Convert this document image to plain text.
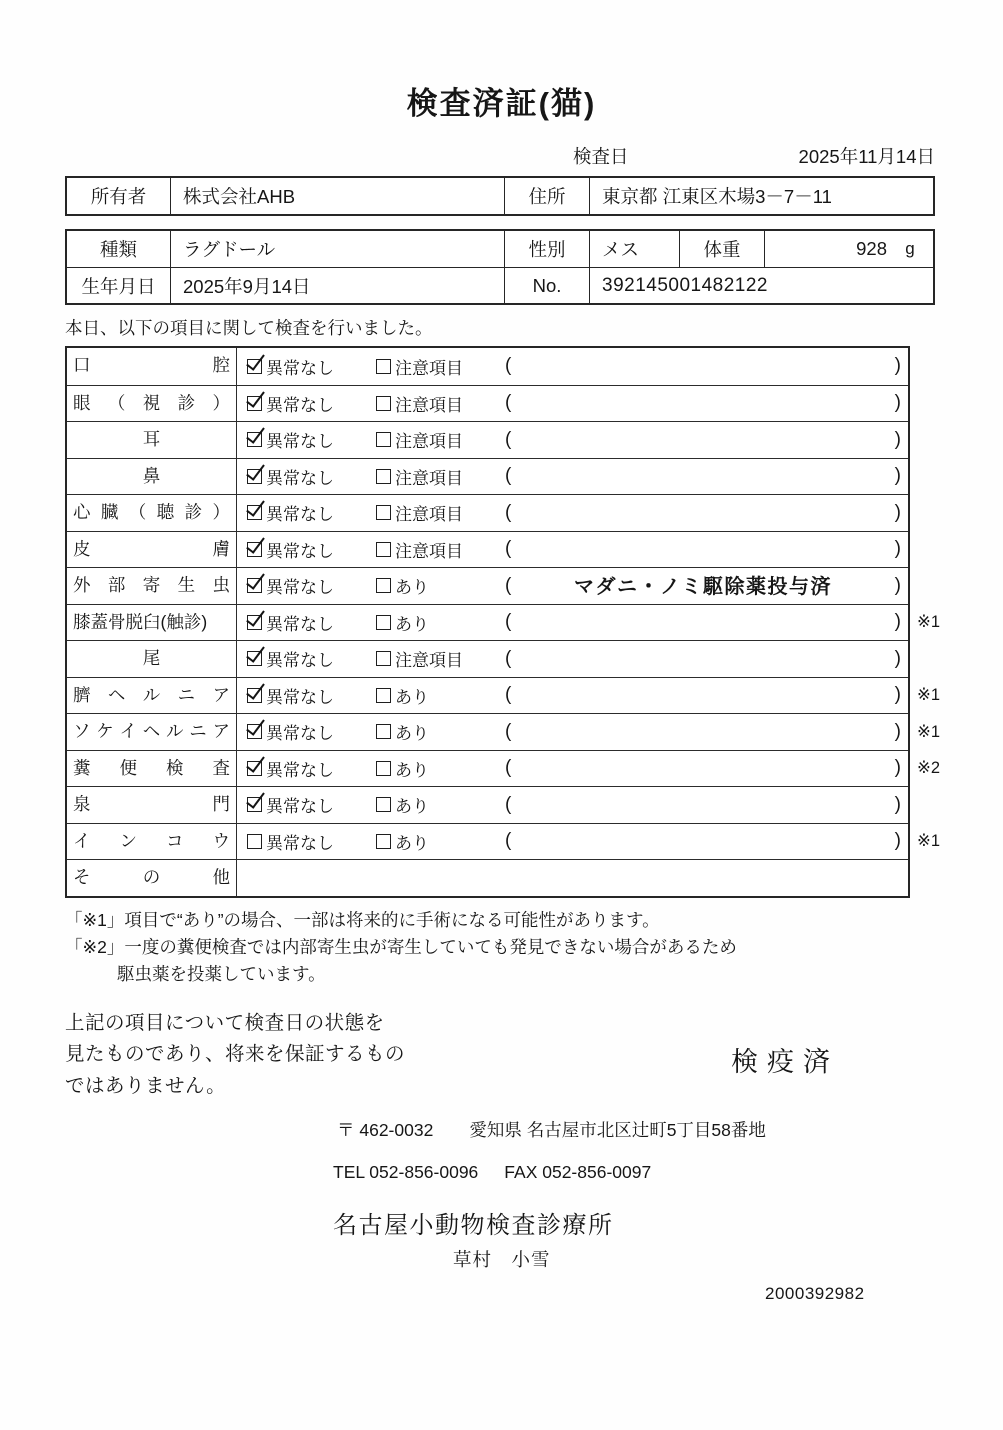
検査済証(猫)
検査日	2025年11月14日
所有者	株式会社AHB	住所	東京都 江東区木場3－7－11
種類	ラグドール	性別	メス	体重	928	g
生年月日	2025年9月14日	No.	392145001482122
本日、以下の項目に関して検査を行いました。
口 腔	異常なし	注意項目 (	)
眼 （ 視 診 ）	異常なし	注意項目 (	)
耳	異常なし	注意項目 (	)
鼻	異常なし	注意項目 (	)
心 臓 （ 聴 診 ）	異常なし	注意項目 (	)
皮 膚	異常なし	注意項目 (	)
外 部 寄 生 虫	異常なし	あり	(	マダニ・ノミ駆除薬投与済	)
膝蓋骨脱臼(触診)	異常なし	あり	(	) ※1
尾	異常なし	注意項目 (	)
臍 ヘ ル ニ ア	異常なし	あり	(	) ※1
ソ ケ イ ヘ ル ニ ア	異常なし	あり	(	) ※1
糞 便 検 査	異常なし	あり	(	) ※2
泉 門	異常なし	あり	(	)
イ ン コ ウ	異常なし	あり	(	) ※1
そ の 他
「※1」項目で“あり”の場合、一部は将来的に手術になる可能性があります。
「※2」一度の糞便検査では内部寄生虫が寄生していても発見できない場合があるため
駆虫薬を投薬しています。
上記の項目について検査日の状態を
見たものであり、将来を保証するもの
ではありません。
検疫済
〒 462-0032 愛知県 名古屋市北区辻町5丁目58番地
TEL 052-856-0096 FAX 052-856-0097
名古屋小動物検査診療所
草村　小雪
2000392982
